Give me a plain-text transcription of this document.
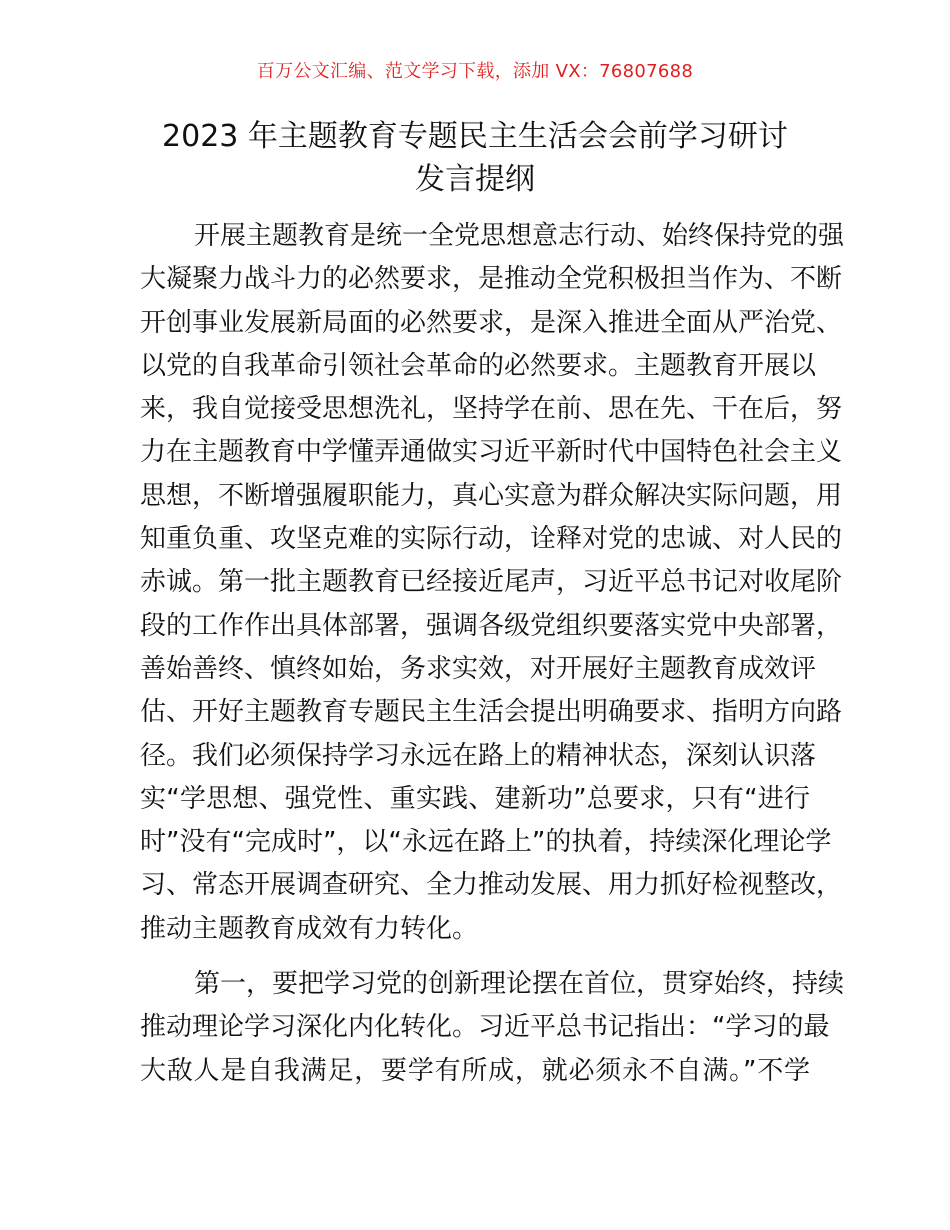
百万公文汇编、范文学习下载，添加 VX：76807688
2023 年主题教育专题民主生活会会前学习研讨
发言提纲
开展主题教育是统一全党思想意志行动、始终保持党的强
大凝聚力战斗力的必然要求，是推动全党积极担当作为、不断
开创事业发展新局面的必然要求，是深入推进全面从严治党、
以党的自我革命引领社会革命的必然要求。主题教育开展以
来，我自觉接受思想洗礼，坚持学在前、思在先、干在后，努
力在主题教育中学懂弄通做实习近平新时代中国特色社会主义
思想，不断增强履职能力，真心实意为群众解决实际问题，用
知重负重、攻坚克难的实际行动，诠释对党的忠诚、对人民的
赤诚。第一批主题教育已经接近尾声，习近平总书记对收尾阶
段的工作作出具体部署，强调各级党组织要落实党中央部署，
善始善终、慎终如始，务求实效，对开展好主题教育成效评
估、开好主题教育专题民主生活会提出明确要求、指明方向路
径。我们必须保持学习永远在路上的精神状态，深刻认识落
实“学思想、强党性、重实践、建新功”总要求，只有“进行
时”没有“完成时”，以“永远在路上”的执着，持续深化理论学
习、常态开展调查研究、全力推动发展、用力抓好检视整改，
推动主题教育成效有力转化。
第一，要把学习党的创新理论摆在首位，贯穿始终，持续
推动理论学习深化内化转化。习近平总书记指出：“学习的最
大敌人是自我满足，要学有所成，就必须永不自满。”不学
